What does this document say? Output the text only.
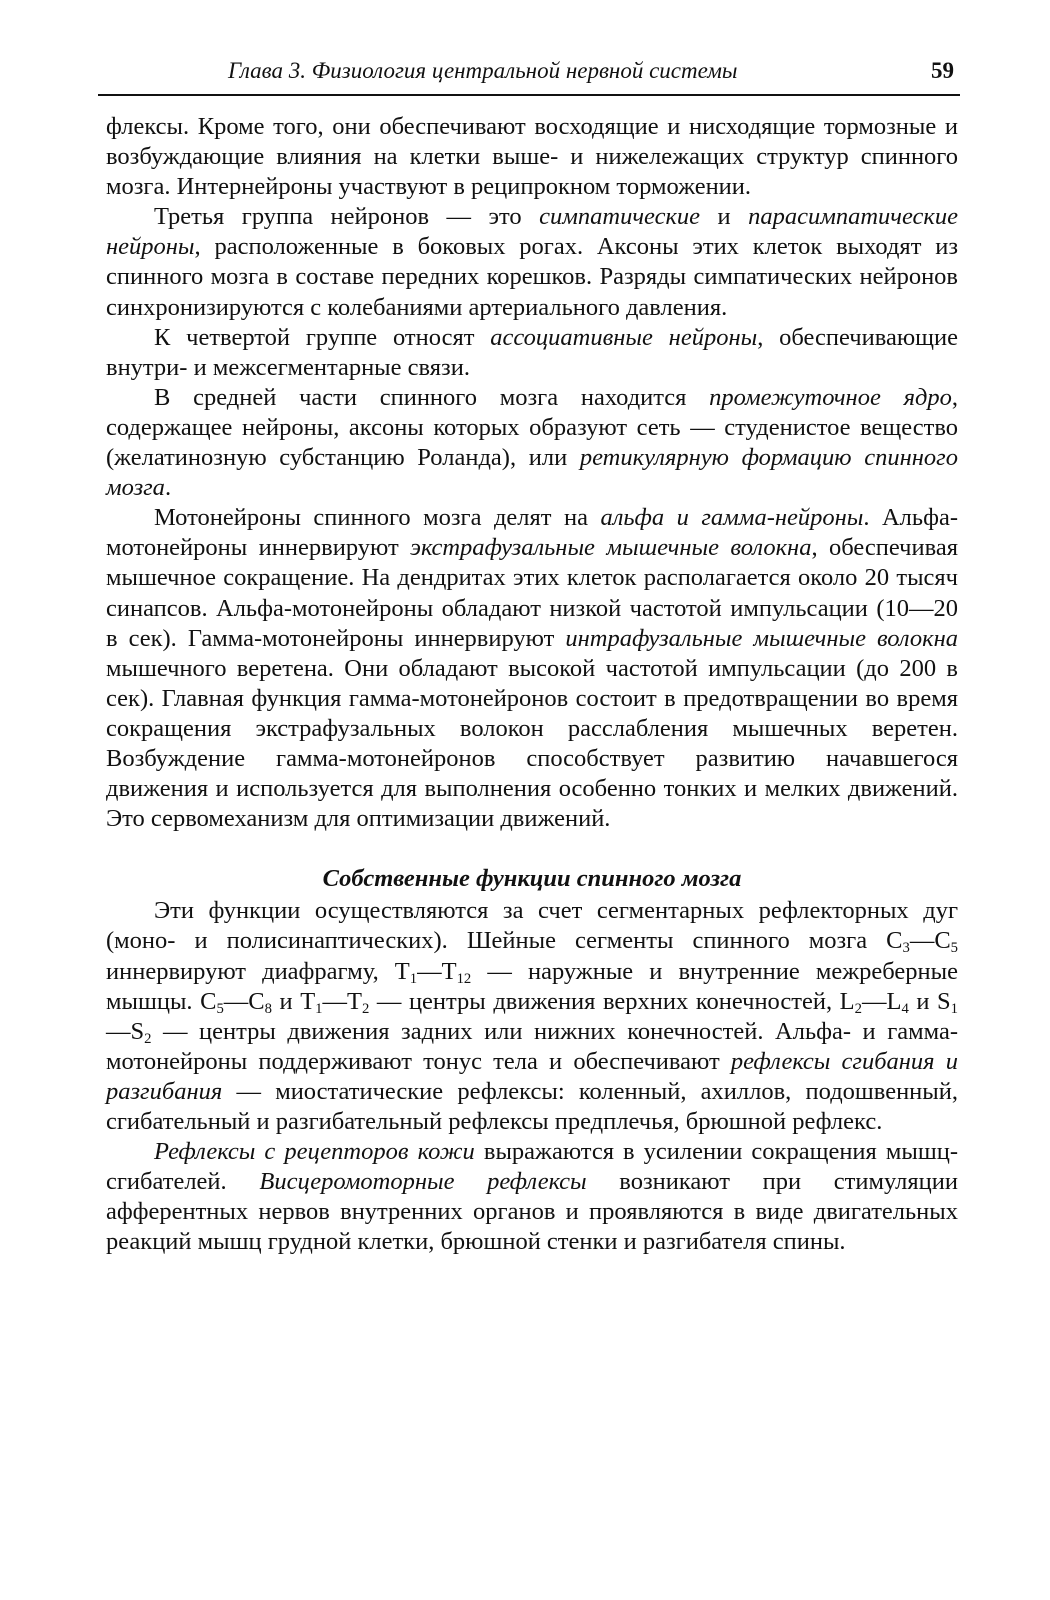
Глава 3. Физиология центральной нервной системы	59

флексы. Кроме того, они обеспечивают восходящие и нисходящие тормозные и возбуждающие влияния на клетки выше- и нижележащих структур спинного мозга. Интернейроны участвуют в реципрокном торможении.

Третья группа нейронов — это симпатические и парасимпатические нейроны, расположенные в боковых рогах. Аксоны этих клеток выходят из спинного мозга в составе передних корешков. Разряды симпатических нейронов синхронизируются с колебаниями артериального давления.

К четвертой группе относят ассоциативные нейроны, обеспечивающие внутри- и межсегментарные связи.

В средней части спинного мозга находится промежуточное ядро, содержащее нейроны, аксоны которых образуют сеть — студенистое вещество (желатинозную субстанцию Роланда), или ретикулярную формацию спинного мозга.

Мотонейроны спинного мозга делят на альфа и гамма-нейроны. Альфа-мотонейроны иннервируют экстрафузальные мышечные волокна, обеспечивая мышечное сокращение. На дендритах этих клеток располагается около 20 тысяч синапсов. Альфа-мотонейроны обладают низкой частотой импульсации (10—20 в сек). Гамма-мотонейроны иннервируют интрафузальные мышечные волокна мышечного веретена. Они обладают высокой частотой импульсации (до 200 в сек). Главная функция гамма-мотонейронов состоит в предотвращении во время сокращения экстрафузальных волокон расслабления мышечных веретен. Возбуждение гамма-мотонейронов способствует развитию начавшегося движения и используется для выполнения особенно тонких и мелких движений. Это сервомеханизм для оптимизации движений.

Собственные функции спинного мозга

Эти функции осуществляются за счет сегментарных рефлекторных дуг (моно- и полисинаптических). Шейные сегменты спинного мозга $С_3—С_5$ иннервируют диафрагму, $Т_1—Т_{12}$ — наружные и внутренние межреберные мышцы. $С_5—С_8$ и $Т_1—Т_2$ — центры движения верхних конечностей, $L_2—L_4$ и $S_1—S_2$ — центры движения задних или нижних конечностей. Альфа- и гамма-мотонейроны поддерживают тонус тела и обеспечивают рефлексы сгибания и разгибания — миостатические рефлексы: коленный, ахиллов, подошвенный, сгибательный и разгибательный рефлексы предплечья, брюшной рефлекс.

Рефлексы с рецепторов кожи выражаются в усилении сокращения мышц-сгибателей. Висцеромоторные рефлексы возникают при стимуляции афферентных нервов внутренних органов и проявляются в виде двигательных реакций мышц грудной клетки, брюшной стенки и разгибателя спины.
